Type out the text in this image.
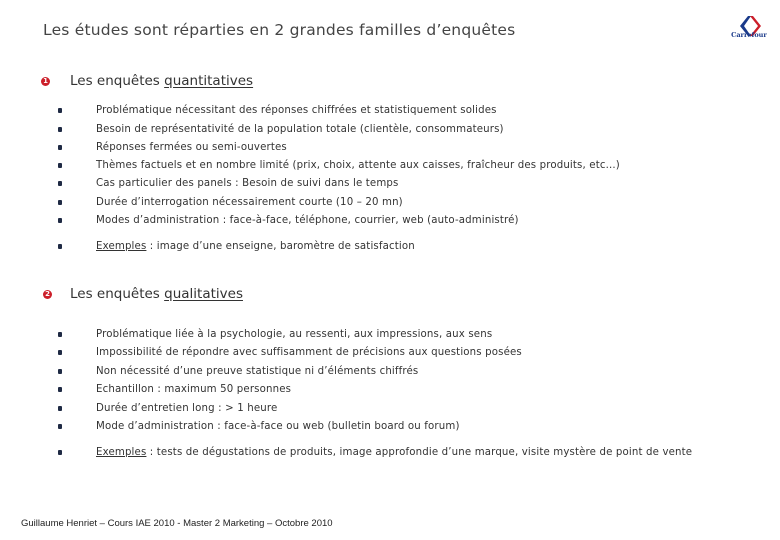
Les études sont réparties en 2 grandes familles d’enquêtes	Carrefour
1 Les enquêtes quantitatives
Problématique nécessitant des réponses chiffrées et statistiquement solides
Besoin de représentativité de la population totale (clientèle, consommateurs)
Réponses fermées ou semi-ouvertes
Thèmes factuels et en nombre limité (prix, choix, attente aux caisses, fraîcheur des produits, etc...)
Cas particulier des panels : Besoin de suivi dans le temps
Durée d’interrogation nécessairement courte (10 – 20 mn)
Modes d’administration : face-à-face, téléphone, courrier, web (auto-administré)
Exemples : image d’une enseigne, baromètre de satisfaction
2 Les enquêtes qualitatives
Problématique liée à la psychologie, au ressenti, aux impressions, aux sens
Impossibilité de répondre avec suffisamment de précisions aux questions posées
Non nécessité d’une preuve statistique ni d’éléments chiffrés
Echantillon : maximum 50 personnes
Durée d’entretien long : > 1 heure
Mode d’administration : face-à-face ou web (bulletin board ou forum)
Exemples : tests de dégustations de produits, image approfondie d’une marque, visite mystère de point de vente
Guillaume Henriet – Cours IAE 2010 - Master 2 Marketing – Octobre 2010
